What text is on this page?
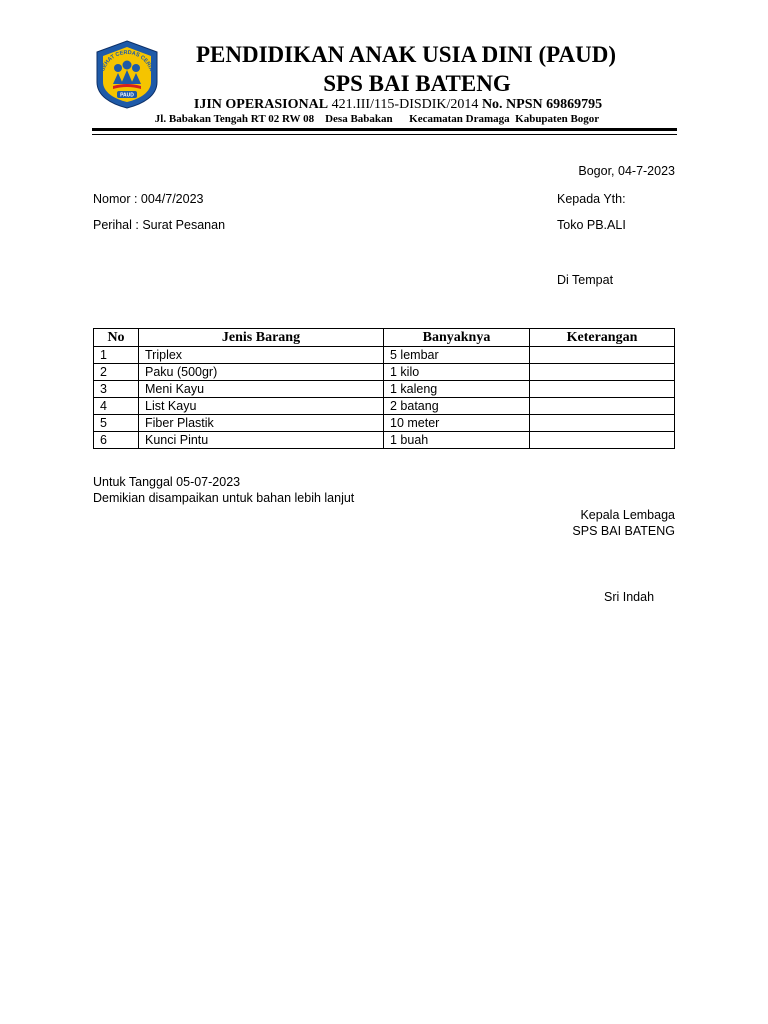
SEHAT CERDAS CERIA
PAUD
PENDIDIKAN ANAK USIA DINI (PAUD)
SPS BAI BATENG
IJIN OPERASIONAL 421.III/115-DISDIK/2014 No. NPSN 69869795
Jl. Babakan Tengah RT 02 RW 08    Desa Babakan      Kecamatan Dramaga  Kabupaten Bogor
Bogor, 04-7-2023
Nomor : 004/7/2023	Kepada Yth:
Perihal : Surat Pesanan	Toko PB.ALI
Di Tempat
No	Jenis Barang	Banyaknya	Keterangan
1	Triplex	5 lembar	
2	Paku (500gr)	1 kilo	
3	Meni Kayu	1 kaleng	
4	List Kayu	2 batang	
5	Fiber Plastik	10 meter	
6	Kunci Pintu	1 buah	
Untuk Tanggal 05-07-2023
Demikian disampaikan untuk bahan lebih lanjut
Kepala Lembaga
SPS BAI BATENG
Sri Indah
